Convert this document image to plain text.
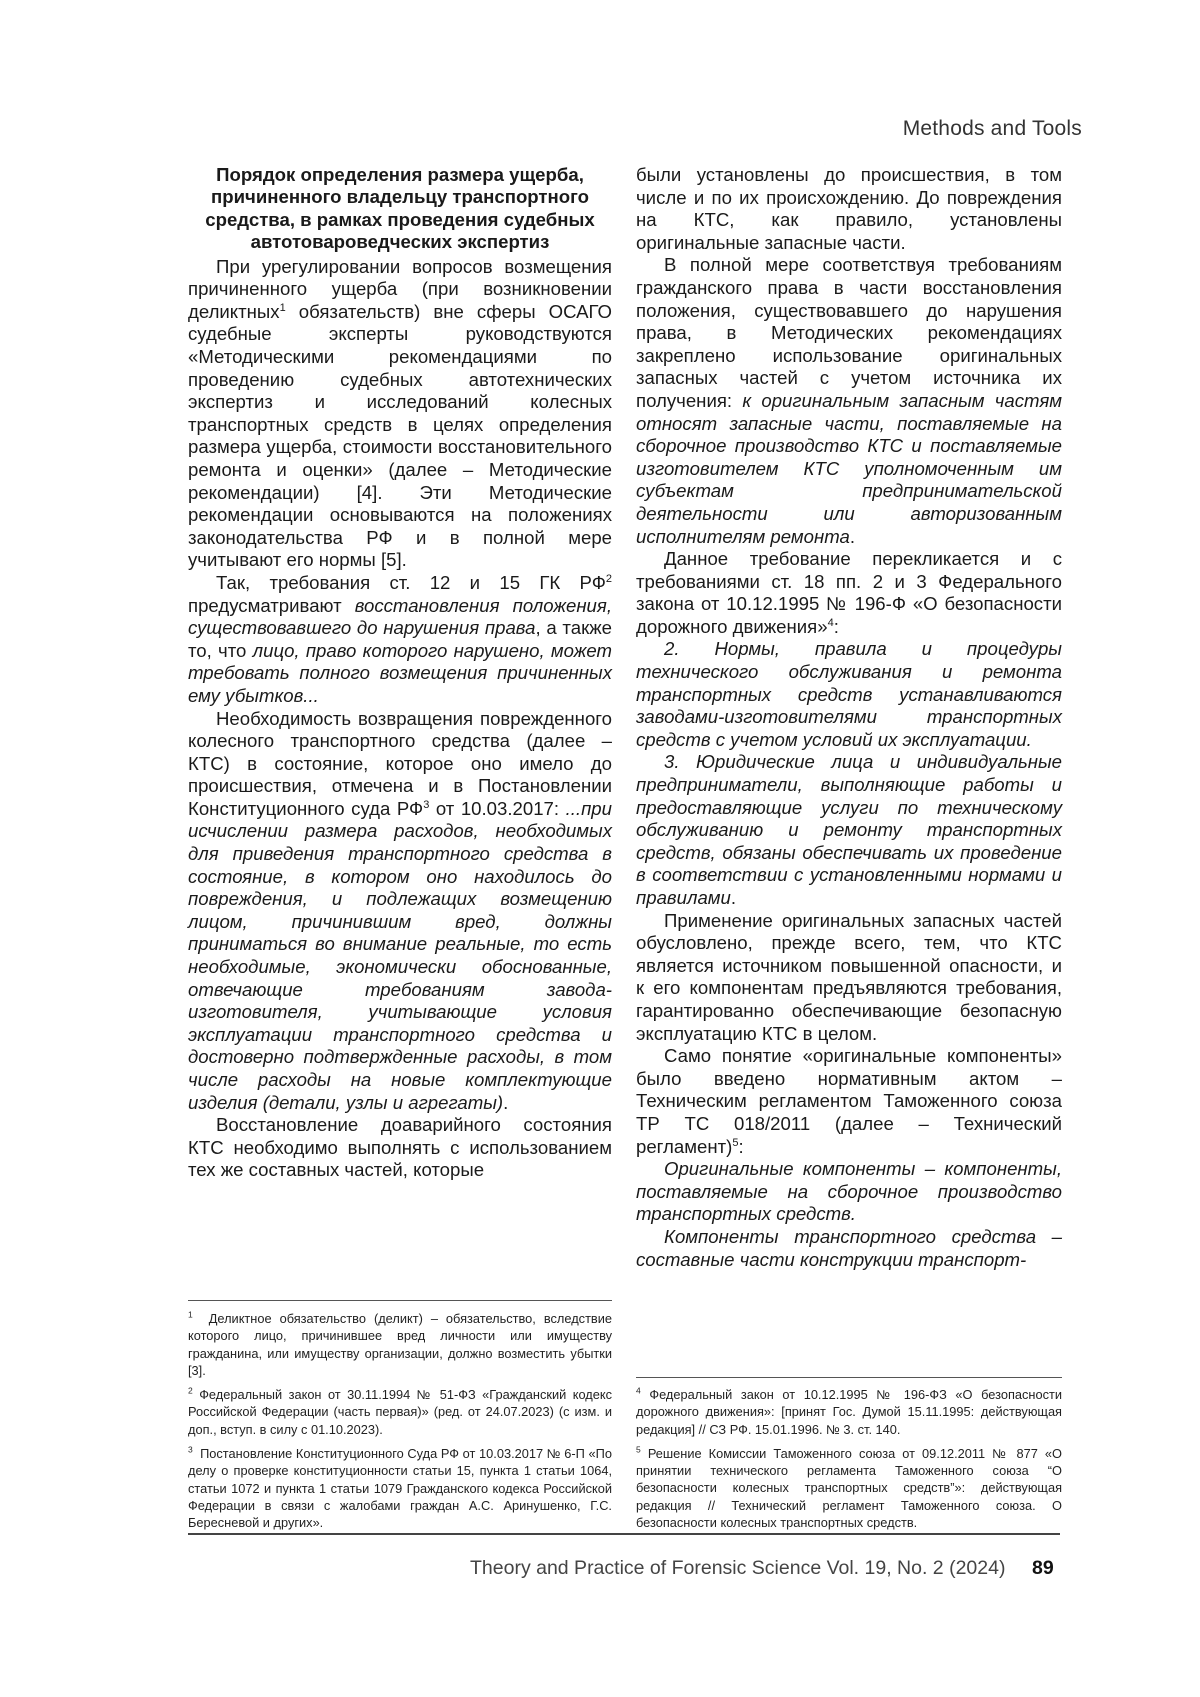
Methods and Tools
Порядок определения размера ущерба, причиненного владельцу транспортного средства, в рамках проведения судебных автотовароведческих экспертиз

При урегулировании вопросов возмещения причиненного ущерба (при возникновении деликтных$^1$ обязательств) вне сферы ОСАГО судебные эксперты руководствуются «Методическими рекомендациями по проведению судебных автотехнических экспертиз и исследований колесных транспортных средств в целях определения размера ущерба, стоимости восстановительного ремонта и оценки» (далее – Методические рекомендации) [4]. Эти Методические рекомендации основываются на положениях законодательства РФ и в полной мере учитывают его нормы [5].

Так, требования ст. 12 и 15 ГК $РФ^2$ предусматривают восстановления положения, существовавшего до нарушения права, а также то, что лицо, право которого нарушено, может требовать полного возмещения причиненных ему убытков...

Необходимость возвращения поврежденного колесного транспортного средства (далее – КТС) в состояние, которое оно имело до происшествия, отмечена и в Постановлении Конституционного суда $РФ^3$ от 10.03.2017: ...при исчислении размера расходов, необходимых для приведения транспортного средства в состояние, в котором оно находилось до повреждения, и подлежащих возмещению лицом, причинившим вред, должны приниматься во внимание реальные, то есть необходимые, экономически обоснованные, отвечающие требованиям завода-изготовителя, учитывающие условия эксплуатации транспортного средства и достоверно подтвержденные расходы, в том числе расходы на новые комплектующие изделия (детали, узлы и агрегаты).

Восстановление доаварийного состояния КТС необходимо выполнять с использованием тех же составных частей, которые

были установлены до происшествия, в том числе и по их происхождению. До повреждения на КТС, как правило, установлены оригинальные запасные части.

В полной мере соответствуя требованиям гражданского права в части восстановления положения, существовавшего до нарушения права, в Методических рекомендациях закреплено использование оригинальных запасных частей с учетом источника их получения: к оригинальным запасным частям относят запасные части, поставляемые на сборочное производство КТС и поставляемые изготовителем КТС уполномоченным им субъектам предпринимательской деятельности или авторизованным исполнителям ремонта.

Данное требование перекликается и с требованиями ст. 18 пп. 2 и 3 Федерального закона от 10.12.1995 № 196-Ф «О безопасности дорожного движения»$^4$:

2. Нормы, правила и процедуры технического обслуживания и ремонта транспортных средств устанавливаются заводами-изготовителями транспортных средств с учетом условий их эксплуатации.

3. Юридические лица и индивидуальные предприниматели, выполняющие работы и предоставляющие услуги по техническому обслуживанию и ремонту транспортных средств, обязаны обеспечивать их проведение в соответствии с установленными нормами и правилами.

Применение оригинальных запасных частей обусловлено, прежде всего, тем, что КТС является источником повышенной опасности, и к его компонентам предъявляются требования, гарантированно обеспечивающие безопасную эксплуатацию КТС в целом.

Само понятие «оригинальные компоненты» было введено нормативным актом – Техническим регламентом Таможенного союза ТР ТС 018/2011 (далее – Технический регламент)$^5$:

Оригинальные компоненты – компоненты, поставляемые на сборочное производство транспортных средств.

Компоненты транспортного средства – составные части конструкции транспорт-

$^1$ Деликтное обязательство (деликт) – обязательство, вследствие которого лицо, причинившее вред личности или имуществу гражданина, или имуществу организации, должно возместить убытки [3].

$^2$ Федеральный закон от 30.11.1994 № 51-ФЗ «Гражданский кодекс Российской Федерации (часть первая)» (ред. от 24.07.2023) (с изм. и доп., вступ. в силу с 01.10.2023).

$^3$ Постановление Конституционного Суда РФ от 10.03.2017 № 6-П «По делу о проверке конституционности статьи 15, пункта 1 статьи 1064, статьи 1072 и пункта 1 статьи 1079 Гражданского кодекса Российской Федерации в связи с жалобами граждан А.С. Аринушенко, Г.С. Бересневой и других».

$^4$ Федеральный закон от 10.12.1995 № 196-ФЗ «О безопасности дорожного движения»: [принят Гос. Думой 15.11.1995: действующая редакция] // СЗ РФ. 15.01.1996. № 3. ст. 140.

$^5$ Решение Комиссии Таможенного союза от 09.12.2011 № 877 «О принятии технического регламента Таможенного союза “О безопасности колесных транспортных средств”»: действующая редакция // Технический регламент Таможенного союза. О безопасности колесных транспортных средств.

Theory and Practice of Forensic Science Vol. 19, No. 2 (2024) 89
